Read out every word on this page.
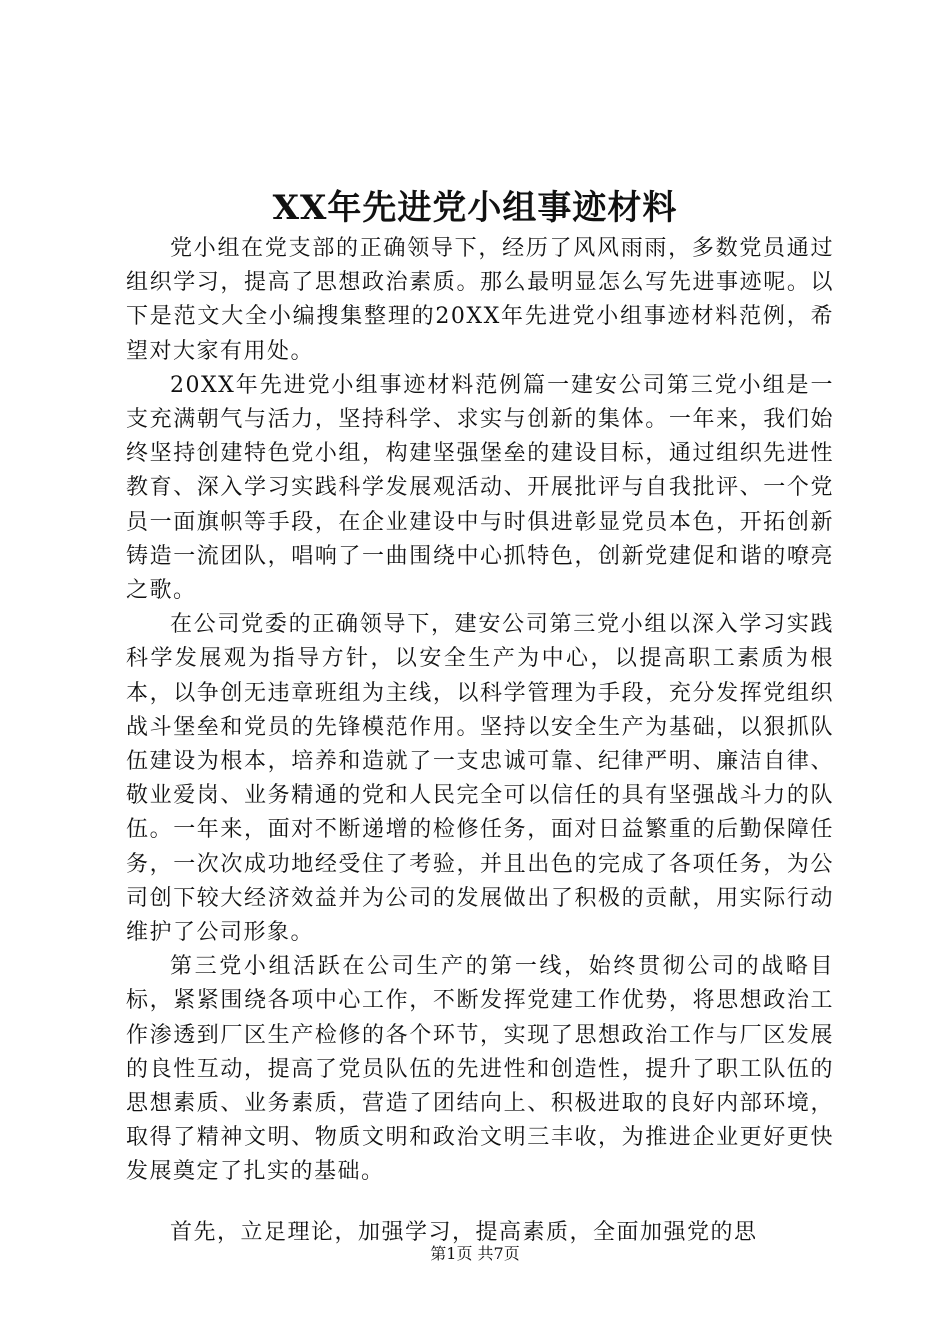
XX年先进党小组事迹材料

党小组在党支部的正确领导下，经历了风风雨雨，多数党员通过组织学习，提高了思想政治素质。那么最明显怎么写先进事迹呢。以下是范文大全小编搜集整理的20XX年先进党小组事迹材料范例，希望对大家有用处。

20XX年先进党小组事迹材料范例篇一建安公司第三党小组是一支充满朝气与活力，坚持科学、求实与创新的集体。一年来，我们始终坚持创建特色党小组，构建坚强堡垒的建设目标，通过组织先进性教育、深入学习实践科学发展观活动、开展批评与自我批评、一个党员一面旗帜等手段，在企业建设中与时俱进彰显党员本色，开拓创新铸造一流团队，唱响了一曲围绕中心抓特色，创新党建促和谐的嘹亮之歌。

在公司党委的正确领导下，建安公司第三党小组以深入学习实践科学发展观为指导方针，以安全生产为中心，以提高职工素质为根本，以争创无违章班组为主线，以科学管理为手段，充分发挥党组织战斗堡垒和党员的先锋模范作用。坚持以安全生产为基础，以狠抓队伍建设为根本，培养和造就了一支忠诚可靠、纪律严明、廉洁自律、敬业爱岗、业务精通的党和人民完全可以信任的具有坚强战斗力的队伍。一年来，面对不断递增的检修任务，面对日益繁重的后勤保障任务，一次次成功地经受住了考验，并且出色的完成了各项任务，为公司创下较大经济效益并为公司的发展做出了积极的贡献，用实际行动维护了公司形象。

第三党小组活跃在公司生产的第一线，始终贯彻公司的战略目标，紧紧围绕各项中心工作，不断发挥党建工作优势，将思想政治工作渗透到厂区生产检修的各个环节，实现了思想政治工作与厂区发展的良性互动，提高了党员队伍的先进性和创造性，提升了职工队伍的思想素质、业务素质，营造了团结向上、积极进取的良好内部环境，取得了精神文明、物质文明和政治文明三丰收，为推进企业更好更快发展奠定了扎实的基础。

首先，立足理论，加强学习，提高素质，全面加强党的思

第1页 共7页
